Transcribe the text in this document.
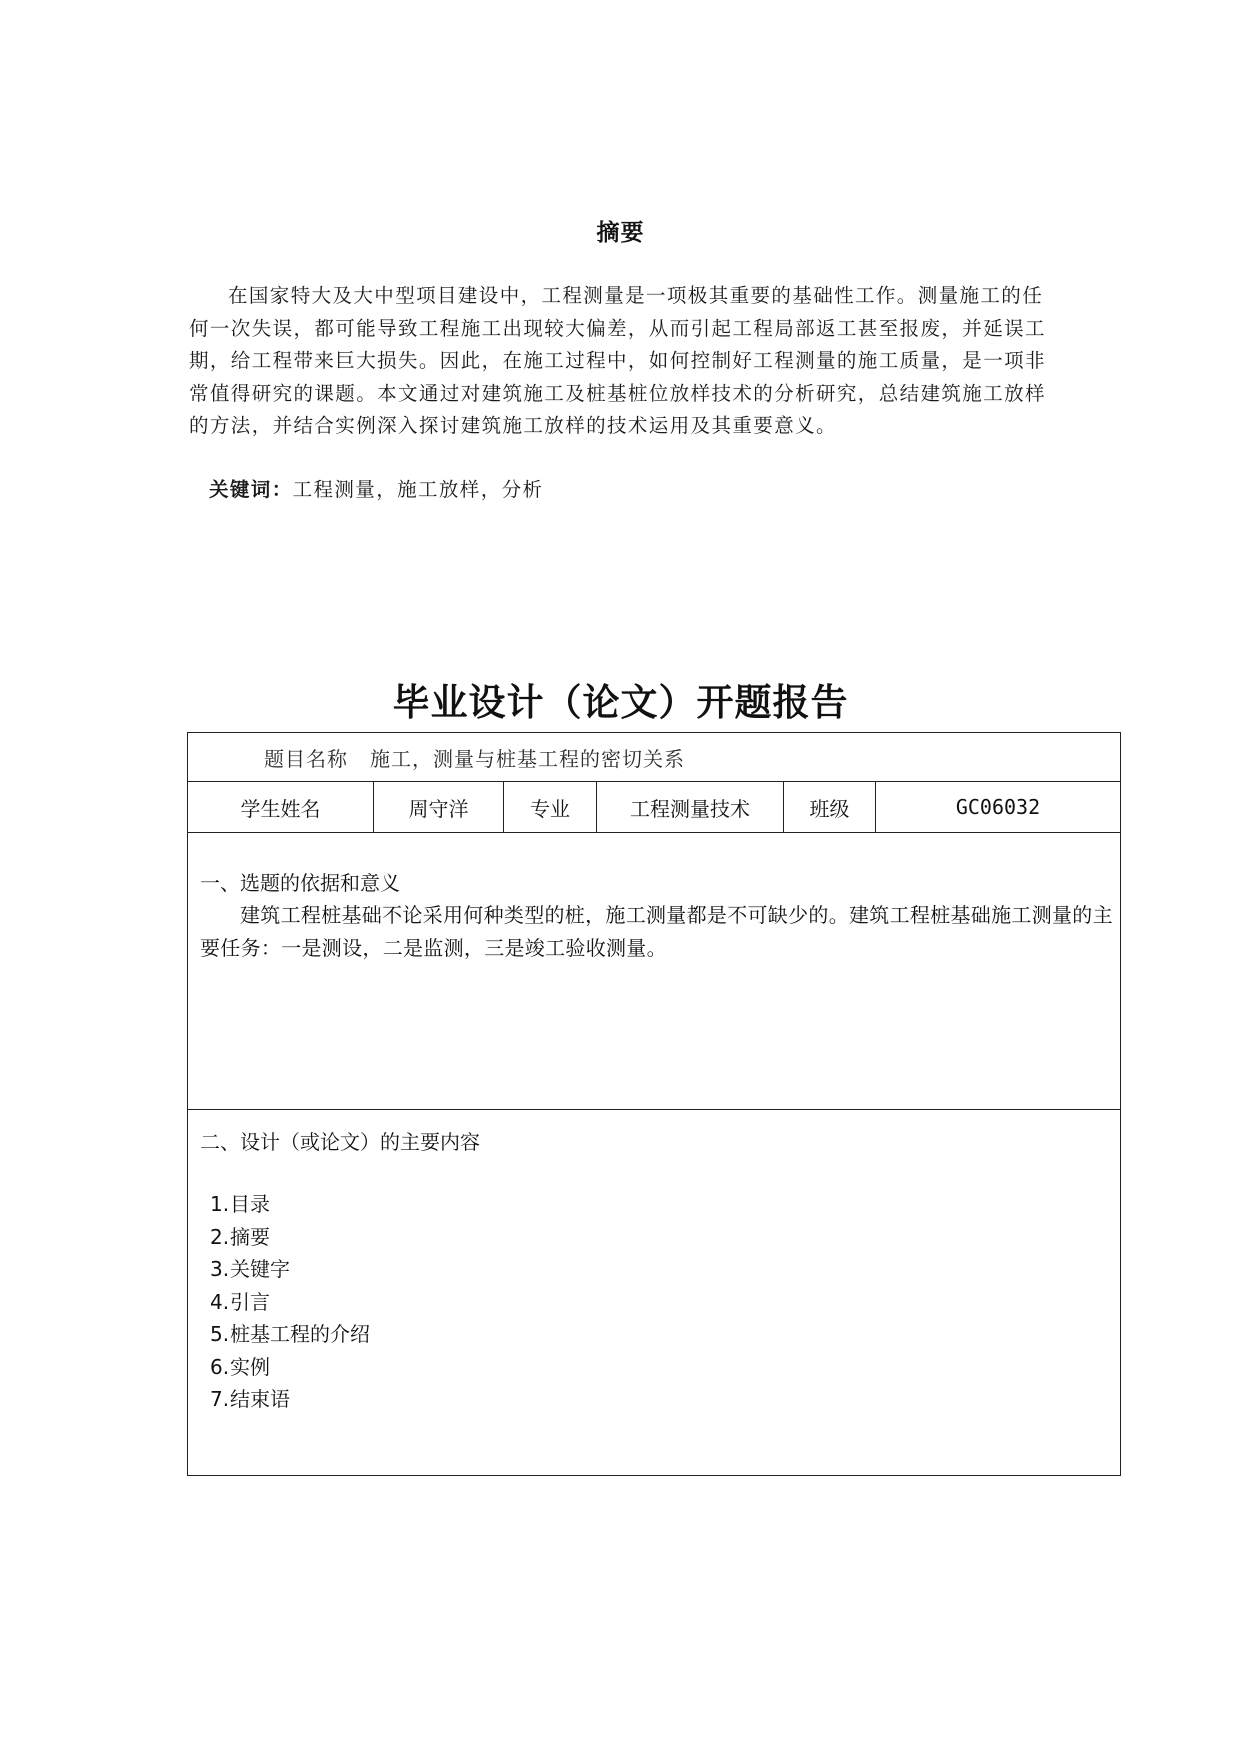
摘要

在国家特大及大中型项目建设中，工程测量是一项极其重要的基础性工作。测量施工的任何一次失误，都可能导致工程施工出现较大偏差，从而引起工程局部返工甚至报废，并延误工期，给工程带来巨大损失。因此，在施工过程中，如何控制好工程测量的施工质量，是一项非常值得研究的课题。本文通过对建筑施工及桩基桩位放样技术的分析研究，总结建筑施工放样的方法，并结合实例深入探讨建筑施工放样的技术运用及其重要意义。

关键词：工程测量，施工放样，分析
毕业设计（论文）开题报告
题目名称 施工，测量与桩基工程的密切关系
学生姓名	周守洋	专业	工程测量技术	班级	GC06032

一、选题的依据和意义

建筑工程桩基础不论采用何种类型的桩，施工测量都是不可缺少的。建筑工程桩基础施工测量的主要任务：一是测设，二是监测，三是竣工验收测量。

二、设计（或论文）的主要内容
1.目录
2.摘要
3.关键字
4.引言
5.桩基工程的介绍
6.实例
7.结束语
